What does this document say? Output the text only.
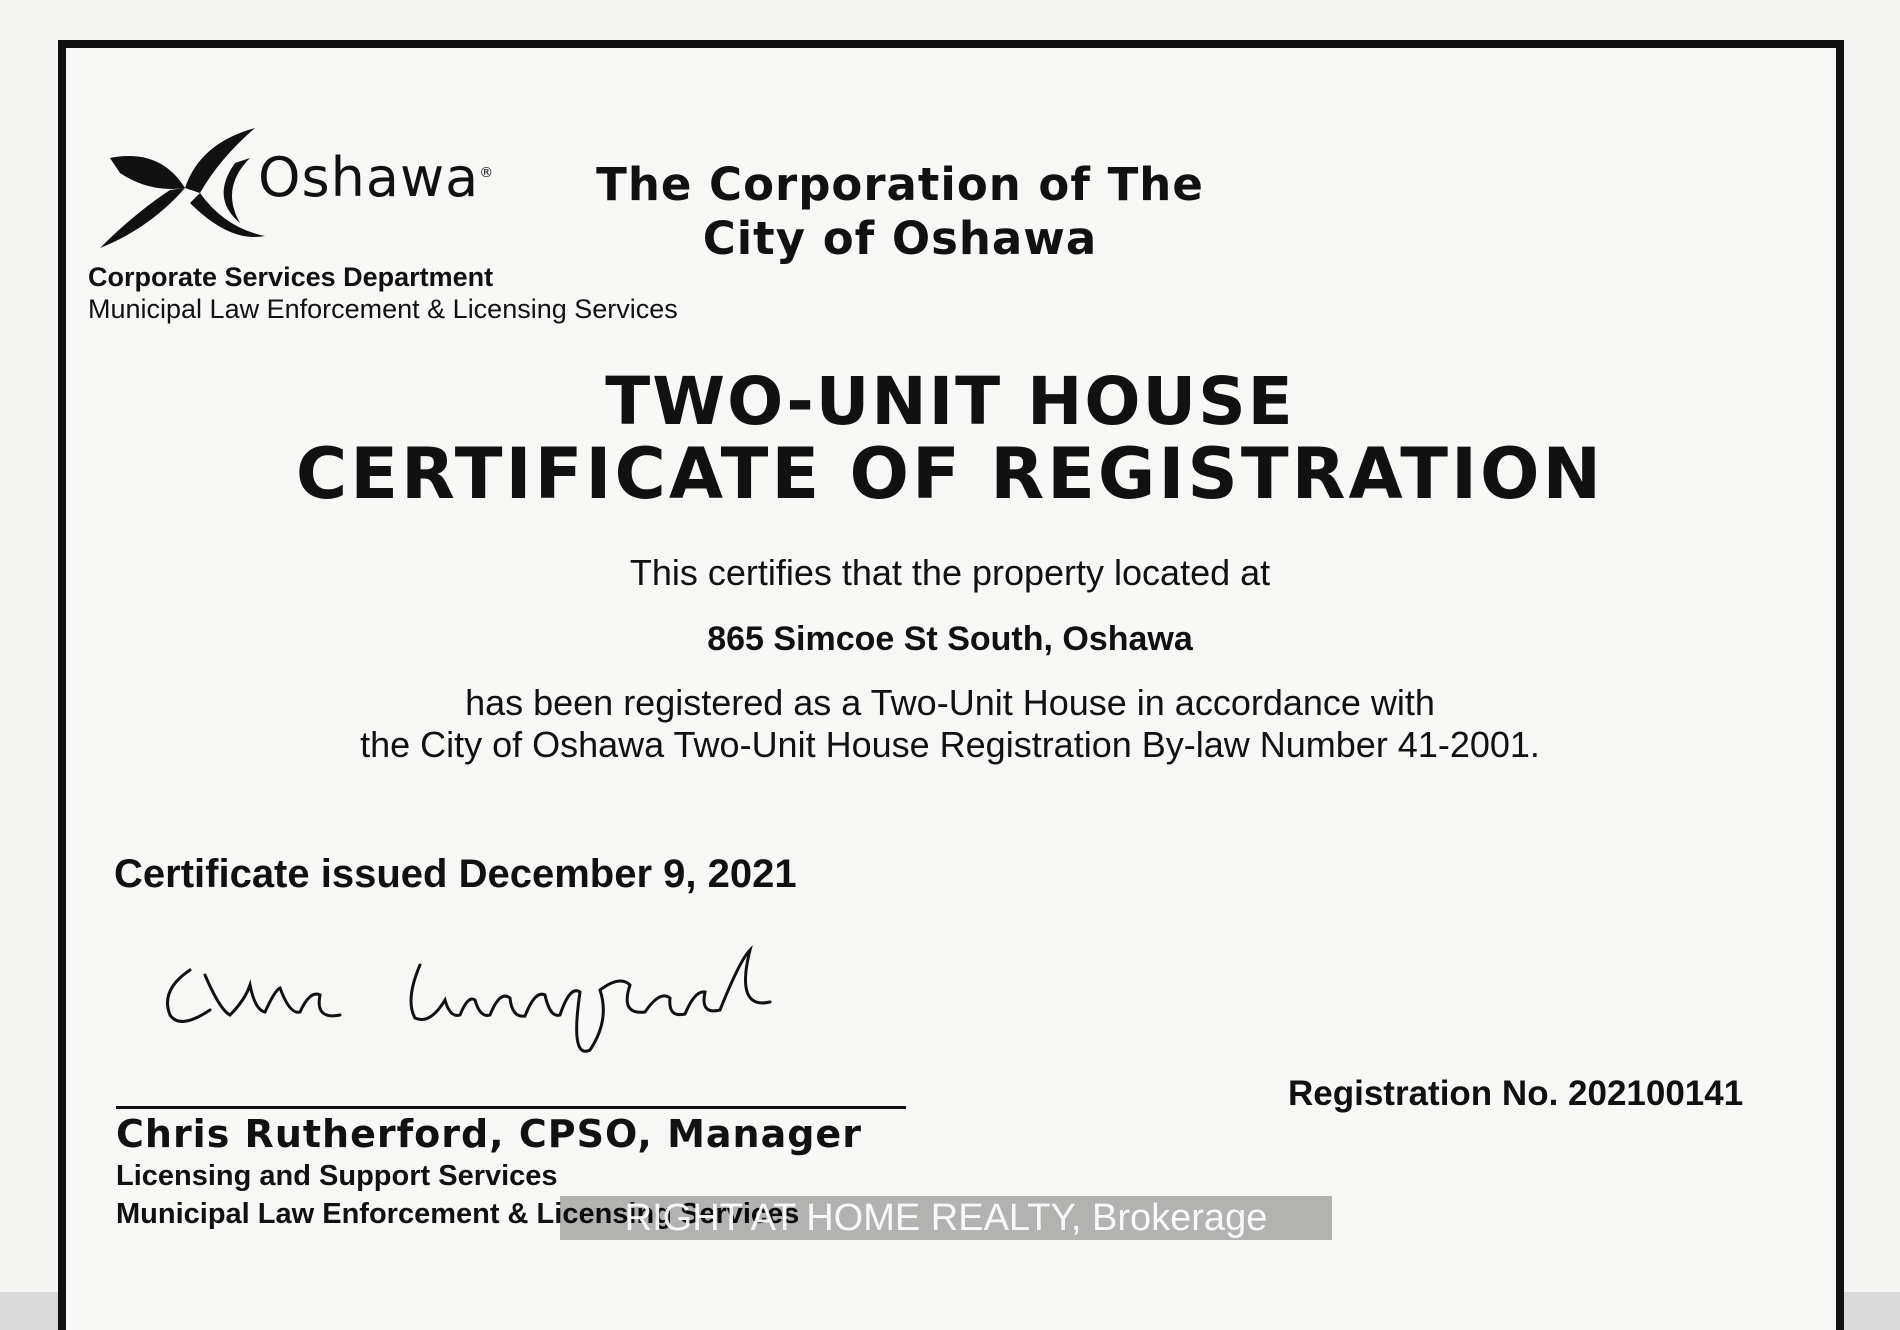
Oshawa®
Corporate Services Department
Municipal Law Enforcement & Licensing Services
The Corporation of The
City of Oshawa
TWO-UNIT HOUSE
CERTIFICATE OF REGISTRATION
This certifies that the property located at
865 Simcoe St South, Oshawa
has been registered as a Two-Unit House in accordance with
the City of Oshawa Two-Unit House Registration By-law Number 41-2001.
Certificate issued December 9, 2021
Chris Rutherford, CPSO, Manager
Licensing and Support Services
Municipal Law Enforcement & Licensing Services
Registration No. 202100141
RIGHT AT HOME REALTY, Brokerage
